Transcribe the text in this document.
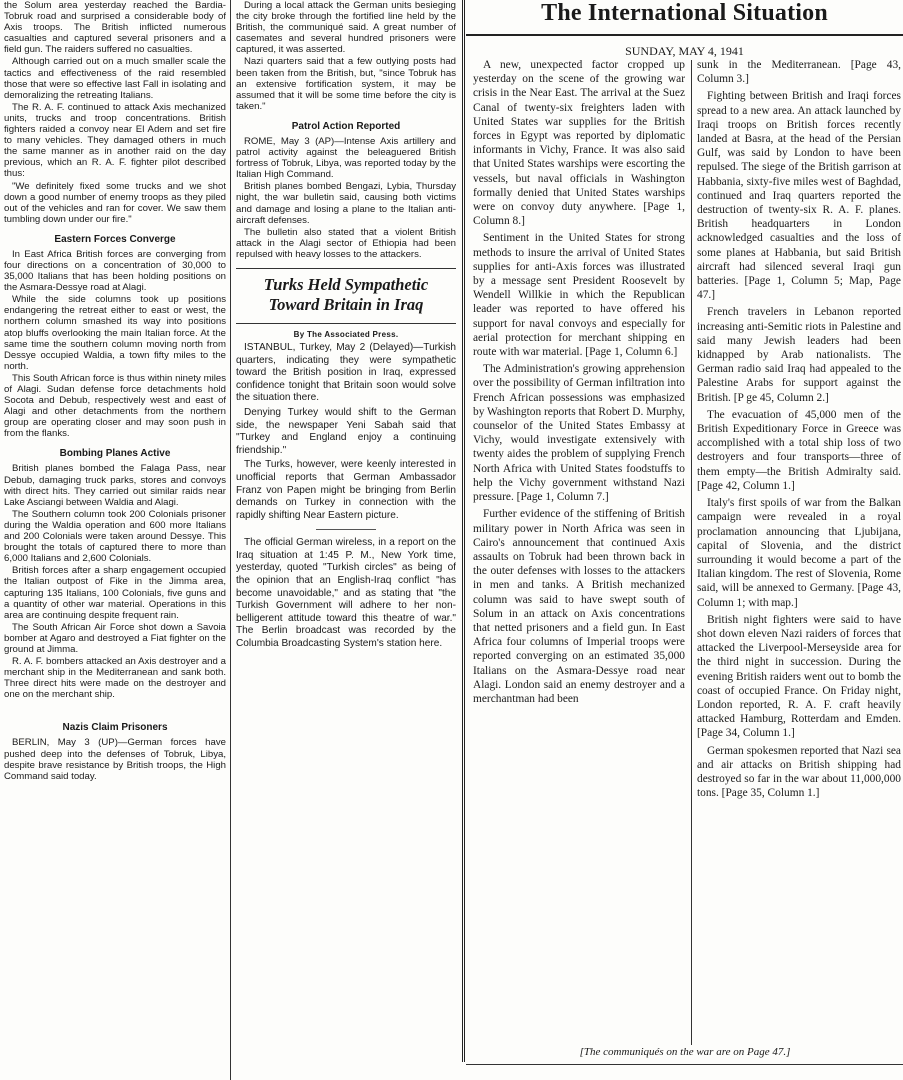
the Solum area yesterday reached the Bardia-Tobruk road and surprised a considerable body of Axis troops. The British inflicted numerous casualties and captured several prisoners and a field gun. The raiders suffered no casualties.

Although carried out on a much smaller scale the tactics and effectiveness of the raid resembled those that were so effective last Fall in isolating and demoralizing the retreating Italians.

The R. A. F. continued to attack Axis mechanized units, trucks and troop concentrations. British fighters raided a convoy near El Adem and set fire to many vehicles. They damaged others in much the same manner as in another raid on the day previous, which an R. A. F. fighter pilot described thus:

"We definitely fixed some trucks and we shot down a good number of enemy troops as they piled out of the vehicles and ran for cover. We saw them tumbling down under our fire."

Eastern Forces Converge

In East Africa British forces are converging from four directions on a concentration of 30,000 to 35,000 Italians that has been holding positions on the Asmara-Dessye road at Alagi.

While the side columns took up positions endangering the retreat either to east or west, the northern column smashed its way into positions atop bluffs overlooking the main Italian force. At the same time the southern column moving north from Dessye occupied Waldia, a town fifty miles to the north.

This South African force is thus within ninety miles of Alagi. Sudan defense force detachments hold Socota and Debub, respectively west and east of Alagi and other detachments from the northern group are operating closer and may soon push in from the flanks.

Bombing Planes Active

British planes bombed the Falaga Pass, near Debub, damaging truck parks, stores and convoys with direct hits. They carried out similar raids near Lake Asciangi between Waldia and Alagi.

The Southern column took 200 Colonials prisoner during the Waldia operation and 600 more Italians and 200 Colonials were taken around Dessye. This brought the totals of captured there to more than 6,000 Italians and 2,600 Colonials.

British forces after a sharp engagement occupied the Italian outpost of Fike in the Jimma area, capturing 135 Italians, 100 Colonials, five guns and a quantity of other war material. Operations in this area are continuing despite frequent rain.

The South African Air Force shot down a Savoia bomber at Agaro and destroyed a Fiat fighter on the ground at Jimma.

R. A. F. bombers attacked an Axis destroyer and a merchant ship in the Mediterranean and sank both. Three direct hits were made on the destroyer and one on the merchant ship.

Nazis Claim Prisoners

BERLIN, May 3 (UP)—German forces have pushed deep into the defenses of Tobruk, Libya, despite brave resistance by British troops, the High Command said today.

During a local attack the German units besieging the city broke through the fortified line held by the British, the communiqué said. A great number of casemates and several hundred prisoners were captured, it was asserted.

Nazi quarters said that a few outlying posts had been taken from the British, but, "since Tobruk has an extensive fortification system, it may be assumed that it will be some time before the city is taken."

Patrol Action Reported

ROME, May 3 (AP)—Intense Axis artillery and patrol activity against the beleaguered British fortress of Tobruk, Libya, was reported today by the Italian High Command.

British planes bombed Bengazi, Lybia, Thursday night, the war bulletin said, causing both victims and damage and losing a plane to the Italian anti-aircraft defenses.

The bulletin also stated that a violent British attack in the Alagi sector of Ethiopia had been repulsed with heavy losses to the attackers.

Turks Held Sympathetic
Toward Britain in Iraq
By The Associated Press.

ISTANBUL, Turkey, May 2 (Delayed)—Turkish quarters, indicating they were sympathetic toward the British position in Iraq, expressed confidence tonight that Britain soon would solve the situation there.

Denying Turkey would shift to the German side, the newspaper Yeni Sabah said that "Turkey and England enjoy a continuing friendship."

The Turks, however, were keenly interested in unofficial reports that German Ambassador Franz von Papen might be bringing from Berlin demands on Turkey in connection with the rapidly shifting Near Eastern picture.

The official German wireless, in a report on the Iraq situation at 1:45 P. M., New York time, yesterday, quoted "Turkish circles" as being of the opinion that an English-Iraq conflict "has become unavoidable," and as stating that "the Turkish Government will adhere to her non-belligerent attitude toward this theatre of war." The Berlin broadcast was recorded by the Columbia Broadcasting System's station here.

The International Situation
SUNDAY, MAY 4, 1941

A new, unexpected factor cropped up yesterday on the scene of the growing war crisis in the Near East. The arrival at the Suez Canal of twenty-six freighters laden with United States war supplies for the British forces in Egypt was reported by diplomatic informants in Vichy, France. It was also said that United States warships were escorting the vessels, but naval officials in Washington formally denied that United States warships were on convoy duty anywhere. [Page 1, Column 8.]

Sentiment in the United States for strong methods to insure the arrival of United States supplies for anti-Axis forces was illustrated by a message sent President Roosevelt by Wendell Willkie in which the Republican leader was reported to have offered his support for naval convoys and especially for aerial protection for merchant shipping en route with war material. [Page 1, Column 6.]

The Administration's growing apprehension over the possibility of German infiltration into French African possessions was emphasized by Washington reports that Robert D. Murphy, counselor of the United States Embassy at Vichy, would investigate extensively with twenty aides the problem of supplying French North Africa with United States foodstuffs to help the Vichy government withstand Nazi pressure. [Page 1, Column 7.]

Further evidence of the stiffening of British military power in North Africa was seen in Cairo's announcement that continued Axis assaults on Tobruk had been thrown back in the outer defenses with losses to the attackers in men and tanks. A British mechanized column was said to have swept south of Solum in an attack on Axis concentrations that netted prisoners and a field gun. In East Africa four columns of Imperial troops were reported converging on an estimated 35,000 Italians on the Asmara-Dessye road near Alagi. London said an enemy destroyer and a merchantman had been

sunk in the Mediterranean. [Page 43, Column 3.]

Fighting between British and Iraqi forces spread to a new area. An attack launched by Iraqi troops on British forces recently landed at Basra, at the head of the Persian Gulf, was said by London to have been repulsed. The siege of the British garrison at Habbania, sixty-five miles west of Baghdad, continued and Iraq quarters reported the destruction of twenty-six R. A. F. planes. British headquarters in London acknowledged casualties and the loss of some planes at Habbania, but said British aircraft had silenced several Iraqi gun batteries. [Page 1, Column 5; Map, Page 47.]

French travelers in Lebanon reported increasing anti-Semitic riots in Palestine and said many Jewish leaders had been kidnapped by Arab nationalists. The German radio said Iraq had appealed to the Palestine Arabs for support against the British. [P ge 45, Column 2.]

The evacuation of 45,000 men of the British Expeditionary Force in Greece was accomplished with a total ship loss of two destroyers and four transports—three of them empty—the British Admiralty said. [Page 42, Column 1.]

Italy's first spoils of war from the Balkan campaign were revealed in a royal proclamation announcing that Ljubijana, capital of Slovenia, and the district surrounding it would become a part of the Italian kingdom. The rest of Slovenia, Rome said, will be annexed to Germany. [Page 43, Column 1; with map.]

British night fighters were said to have shot down eleven Nazi raiders of forces that attacked the Liverpool-Merseyside area for the third night in succession. During the evening British raiders went out to bomb the coast of occupied France. On Friday night, London reported, R. A. F. craft heavily attacked Hamburg, Rotterdam and Emden. [Page 34, Column 1.]

German spokesmen reported that Nazi sea and air attacks on British shipping had destroyed so far in the war about 11,000,000 tons. [Page 35, Column 1.]

[The communiqués on the war are on Page 47.]
